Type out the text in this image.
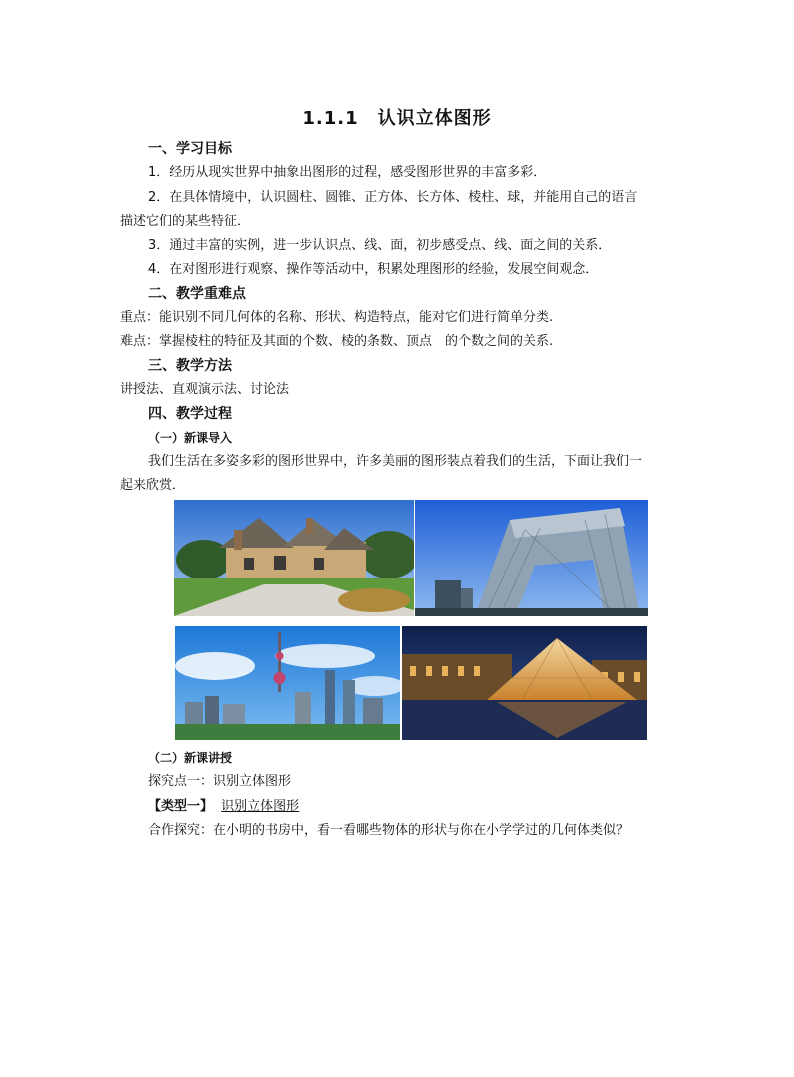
1.1.1　认识立体图形
一、学习目标
1．经历从现实世界中抽象出图形的过程，感受图形世界的丰富多彩．
2．在具体情境中，认识圆柱、圆锥、正方体、长方体、棱柱、球，并能用自己的语言
描述它们的某些特征．
3．通过丰富的实例，进一步认识点、线、面，初步感受点、线、面之间的关系．
4．在对图形进行观察、操作等活动中，积累处理图形的经验，发展空间观念．
二、教学重难点
重点：能识别不同几何体的名称、形状、构造特点，能对它们进行简单分类.
难点：掌握棱柱的特征及其面的个数、棱的条数、顶点　的个数之间的关系.
三、教学方法
讲授法、直观演示法、讨论法
四、教学过程
（一）新课导入
我们生活在多姿多彩的图形世界中，许多美丽的图形装点着我们的生活，下面让我们一
起来欣赏．
（二）新课讲授
探究点一：识别立体图形
【类型一】 识别立体图形
合作探究：在小明的书房中，看一看哪些物体的形状与你在小学学过的几何体类似？
